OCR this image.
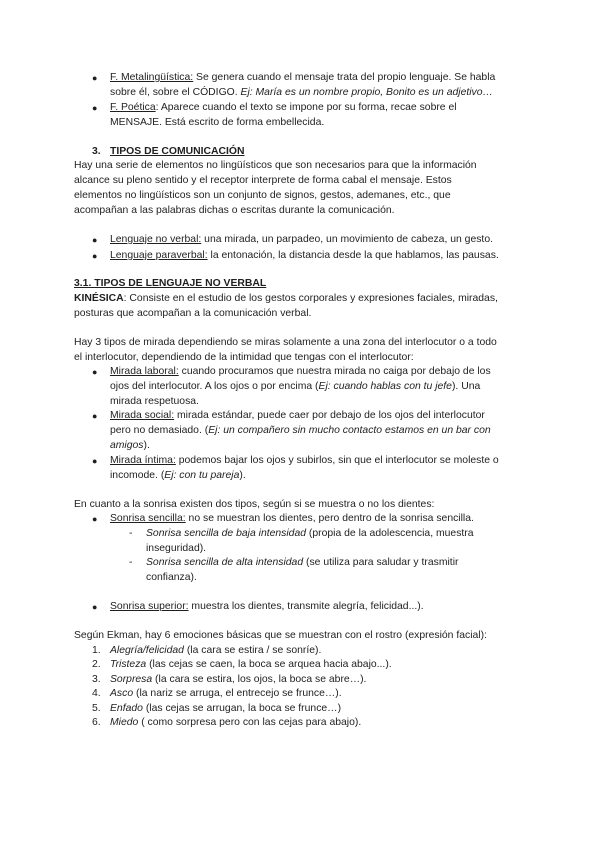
● F. Metalingüística: Se genera cuando el mensaje trata del propio lenguaje. Se habla
sobre él, sobre el CÓDIGO. Ej: María es un nombre propio, Bonito es un adjetivo…
● F. Poética: Aparece cuando el texto se impone por su forma, recae sobre el
MENSAJE. Está escrito de forma embellecida.
3. TIPOS DE COMUNICACIÓN
Hay una serie de elementos no lingüísticos que son necesarios para que la información
alcance su pleno sentido y el receptor interprete de forma cabal el mensaje. Estos
elementos no lingüísticos son un conjunto de signos, gestos, ademanes, etc., que
acompañan a las palabras dichas o escritas durante la comunicación.
● Lenguaje no verbal: una mirada, un parpadeo, un movimiento de cabeza, un gesto.
● Lenguaje paraverbal: la entonación, la distancia desde la que hablamos, las pausas.
3.1. TIPOS DE LENGUAJE NO VERBAL
KINÉSICA: Consiste en el estudio de los gestos corporales y expresiones faciales, miradas,
posturas que acompañan a la comunicación verbal.
Hay 3 tipos de mirada dependiendo se miras solamente a una zona del interlocutor o a todo
el interlocutor, dependiendo de la intimidad que tengas con el interlocutor:
● Mirada laboral: cuando procuramos que nuestra mirada no caiga por debajo de los
ojos del interlocutor. A los ojos o por encima (Ej: cuando hablas con tu jefe). Una
mirada respetuosa.
● Mirada social: mirada estándar, puede caer por debajo de los ojos del interlocutor
pero no demasiado. (Ej: un compañero sin mucho contacto estamos en un bar con
amigos).
● Mirada íntima: podemos bajar los ojos y subirlos, sin que el interlocutor se moleste o
incomode. (Ej: con tu pareja).
En cuanto a la sonrisa existen dos tipos, según si se muestra o no los dientes:
● Sonrisa sencilla: no se muestran los dientes, pero dentro de la sonrisa sencilla.
- Sonrisa sencilla de baja intensidad (propia de la adolescencia, muestra
inseguridad).
- Sonrisa sencilla de alta intensidad (se utiliza para saludar y trasmitir
confianza).
● Sonrisa superior: muestra los dientes, transmite alegría, felicidad...).
Según Ekman, hay 6 emociones básicas que se muestran con el rostro (expresión facial):
1. Alegría/felicidad (la cara se estira / se sonríe).
2. Tristeza (las cejas se caen, la boca se arquea hacia abajo...).
3. Sorpresa (la cara se estira, los ojos, la boca se abre…).
4. Asco (la nariz se arruga, el entrecejo se frunce…).
5. Enfado (las cejas se arrugan, la boca se frunce…)
6. Miedo ( como sorpresa pero con las cejas para abajo).
